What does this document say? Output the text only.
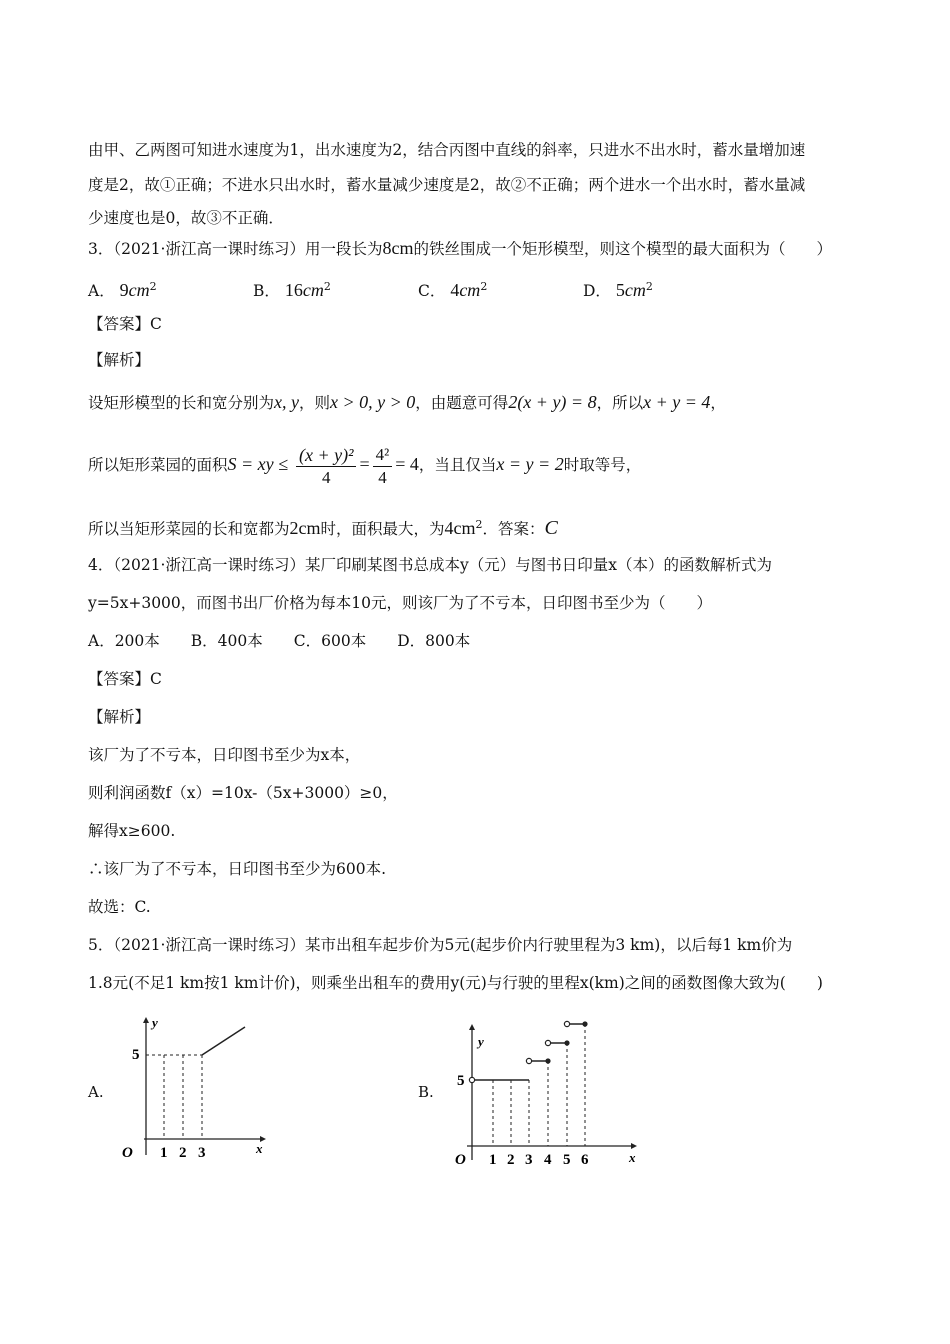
由甲、乙两图可知进水速度为1，出水速度为2，结合丙图中直线的斜率，只进水不出水时，蓄水量增加速
度是2，故①正确；不进水只出水时，蓄水量减少速度是2，故②不正确；两个进水一个出水时，蓄水量减
少速度也是0，故③不正确．
3．（2021·浙江高一课时练习）用一段长为8cm的铁丝围成一个矩形模型，则这个模型的最大面积为（　　）
A． $9cm^2$	B． $16cm^2$	C． $4cm^2$	D． $5cm^2$
【答案】C
【解析】
设矩形模型的长和宽分别为x, y，则x > 0, y > 0，由题意可得2(x + y) = 8，所以x + y = 4，
所以矩形菜园的面积S = xy ≤ $\frac{\text{(x + y)²}}{4} = \frac{\text{4²}}{4} = 4$，当且仅当x = y = 2时取等号，
所以当矩形菜园的长和宽都为2cm时，面积最大，为$4cm^2$．答案：C
4．（2021·浙江高一课时练习）某厂印刷某图书总成本y（元）与图书日印量x（本）的函数解析式为
y=5x+3000，而图书出厂价格为每本10元，则该厂为了不亏本，日印图书至少为（　　）
A．200本　　B．400本　　C．600本　　D．800本
【答案】C
【解析】
该厂为了不亏本，日印图书至少为x本，
则利润函数f（x）=10x-（5x+3000）≥0，
解得x≥600.
∴该厂为了不亏本，日印图书至少为600本.
故选：C.
5．（2021·浙江高一课时练习）某市出租车起步价为5元(起步价内行驶里程为3 km)，以后每1 km价为
1.8元(不足1 km按1 km计价)，则乘坐出租车的费用y(元)与行驶的里程x(km)之间的函数图像大致为(　　)
A.
y
x
5
O 1 2 3
B.
y
x
5
O 1 2 3 4 5 6
